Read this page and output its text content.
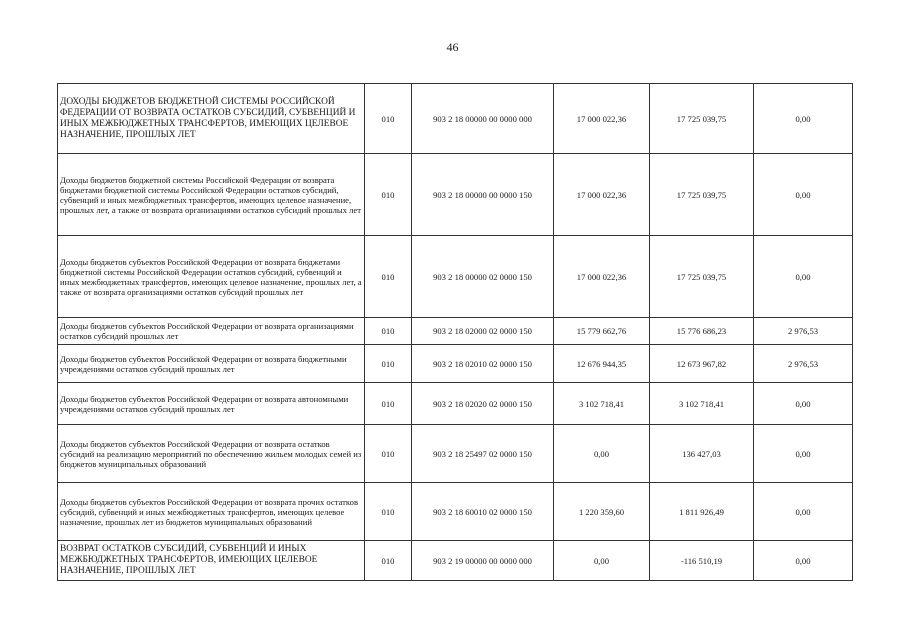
46
ДОХОДЫ БЮДЖЕТОВ БЮДЖЕТНОЙ СИСТЕМЫ РОССИЙСКОЙ ФЕДЕРАЦИИ ОТ ВОЗВРАТА ОСТАТКОВ СУБСИДИЙ, СУБВЕНЦИЙ И ИНЫХ МЕЖБЮДЖЕТНЫХ ТРАНСФЕРТОВ, ИМЕЮЩИХ ЦЕЛЕВОЕ НАЗНАЧЕНИЕ, ПРОШЛЫХ ЛЕТ	010	903 2 18 00000 00 0000 000	17 000 022,36	17 725 039,75	0,00
Доходы бюджетов бюджетной системы Российской Федерации от возврата бюджетами бюджетной системы Российской Федерации остатков субсидий, субвенций и иных межбюджетных трансфертов, имеющих целевое назначение, прошлых лет, а также от возврата организациями остатков субсидий прошлых лет	010	903 2 18 00000 00 0000 150	17 000 022,36	17 725 039,75	0,00
Доходы бюджетов субъектов Российской Федерации от возврата бюджетами бюджетной системы Российской Федерации остатков субсидий, субвенций и иных межбюджетных трансфертов, имеющих целевое назначение, прошлых лет, а также от возврата организациями остатков субсидий прошлых лет	010	903 2 18 00000 02 0000 150	17 000 022,36	17 725 039,75	0,00
Доходы бюджетов субъектов Российской Федерации от возврата организациями остатков субсидий прошлых лет	010	903 2 18 02000 02 0000 150	15 779 662,76	15 776 686,23	2 976,53
Доходы бюджетов субъектов Российской Федерации от возврата бюджетными учреждениями остатков субсидий прошлых лет	010	903 2 18 02010 02 0000 150	12 676 944,35	12 673 967,82	2 976,53
Доходы бюджетов субъектов Российской Федерации от возврата автономными учреждениями остатков субсидий прошлых лет	010	903 2 18 02020 02 0000 150	3 102 718,41	3 102 718,41	0,00
Доходы бюджетов субъектов Российской Федерации от возврата остатков субсидий на реализацию мероприятий по обеспечению жильем молодых семей из бюджетов муниципальных образований	010	903 2 18 25497 02 0000 150	0,00	136 427,03	0,00
Доходы бюджетов субъектов Российской Федерации от возврата прочих остатков субсидий, субвенций и иных межбюджетных трансфертов, имеющих целевое назначение, прошлых лет из бюджетов муниципальных образований	010	903 2 18 60010 02 0000 150	1 220 359,60	1 811 926,49	0,00
ВОЗВРАТ ОСТАТКОВ СУБСИДИЙ, СУБВЕНЦИЙ И ИНЫХ МЕЖБЮДЖЕТНЫХ ТРАНСФЕРТОВ, ИМЕЮЩИХ ЦЕЛЕВОЕ НАЗНАЧЕНИЕ, ПРОШЛЫХ ЛЕТ	010	903 2 19 00000 00 0000 000	0,00	-116 510,19	0,00
